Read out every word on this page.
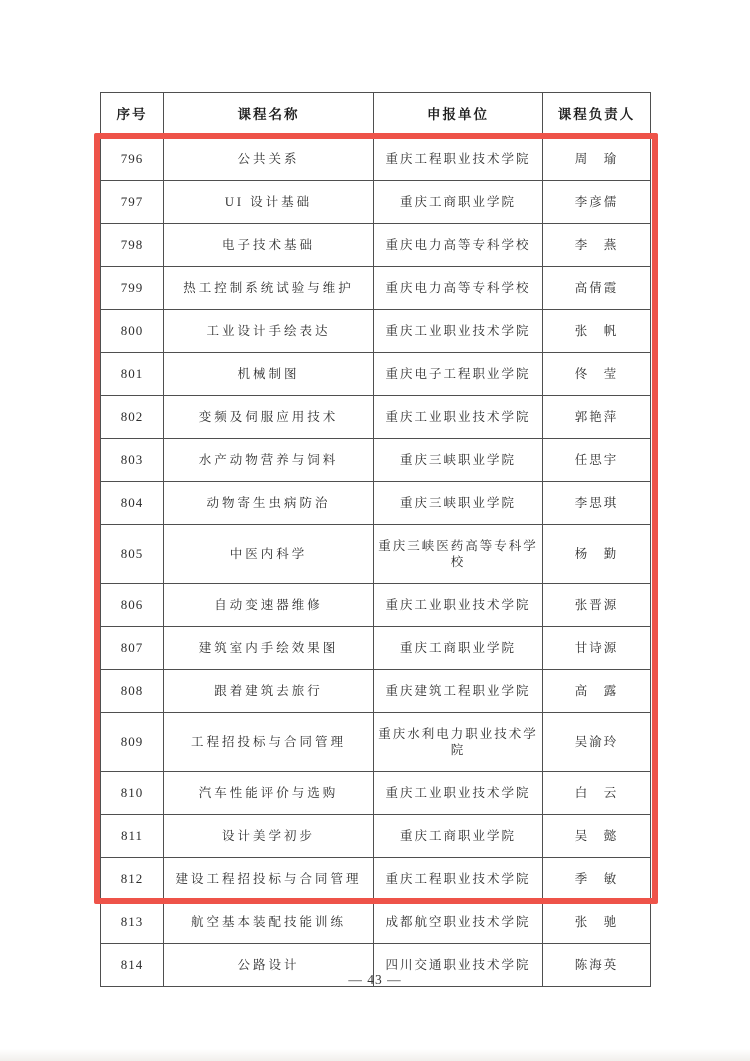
序号	课程名称	申报单位	课程负责人
796	公共关系	重庆工程职业技术学院	周　瑜
797	UI 设计基础	重庆工商职业学院	李彦儒
798	电子技术基础	重庆电力高等专科学校	李　燕
799	热工控制系统试验与维护	重庆电力高等专科学校	高倩霞
800	工业设计手绘表达	重庆工业职业技术学院	张　帆
801	机械制图	重庆电子工程职业学院	佟　莹
802	变频及伺服应用技术	重庆工业职业技术学院	郭艳萍
803	水产动物营养与饲料	重庆三峡职业学院	任思宇
804	动物寄生虫病防治	重庆三峡职业学院	李思琪
805	中医内科学	重庆三峡医药高等专科学校	杨　勤
806	自动变速器维修	重庆工业职业技术学院	张晋源
807	建筑室内手绘效果图	重庆工商职业学院	甘诗源
808	跟着建筑去旅行	重庆建筑工程职业学院	高　露
809	工程招投标与合同管理	重庆水利电力职业技术学院	吴渝玲
810	汽车性能评价与选购	重庆工业职业技术学院	白　云
811	设计美学初步	重庆工商职业学院	吴　懿
812	建设工程招投标与合同管理	重庆工程职业技术学院	季　敏
813	航空基本装配技能训练	成都航空职业技术学院	张　驰
814	公路设计	四川交通职业技术学院	陈海英
— 43 —
